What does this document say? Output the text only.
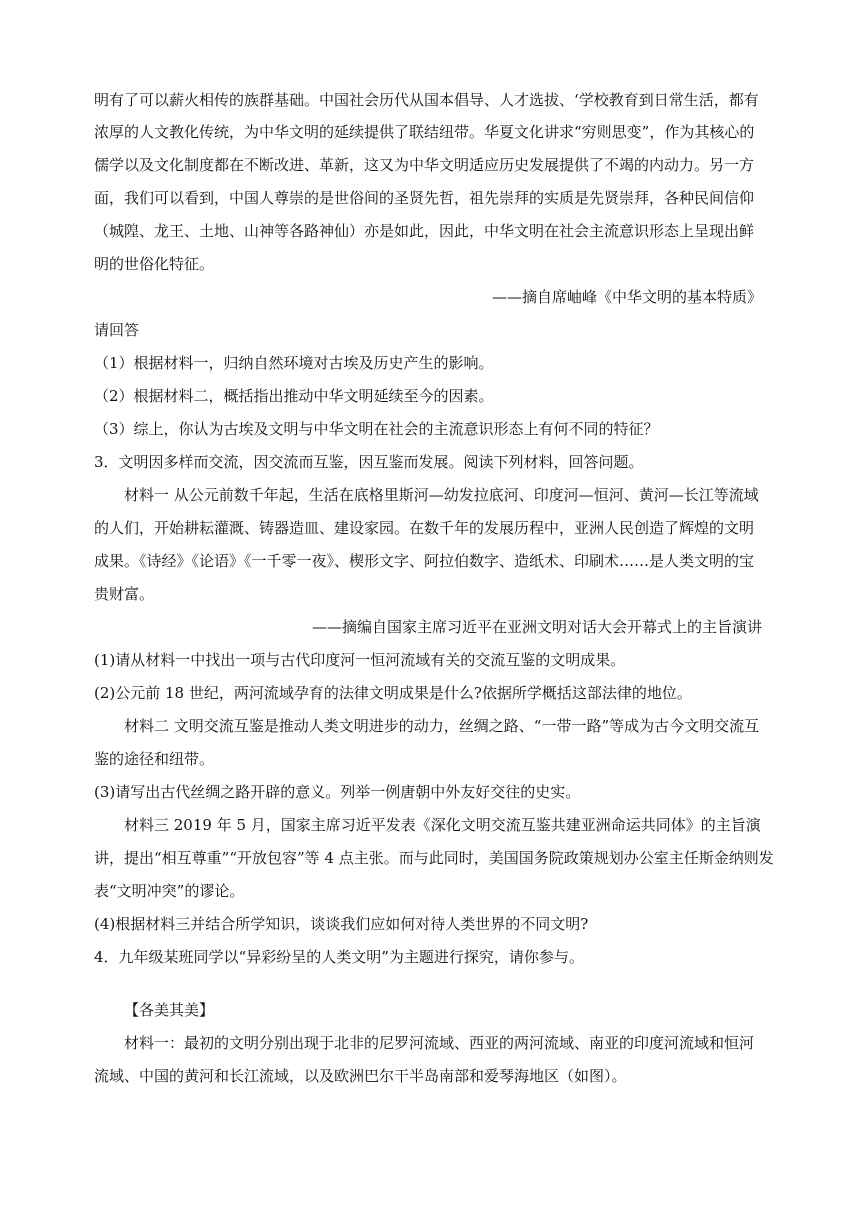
明有了可以薪火相传的族群基础。中国社会历代从国本倡导、人才选拔、‘学校教育到日常生活，都有
浓厚的人文教化传统，为中华文明的延续提供了联结纽带。华夏文化讲求“穷则思变”，作为其核心的
儒学以及文化制度都在不断改进、革新，这又为中华文明适应历史发展提供了不竭的内动力。另一方
面，我们可以看到，中国人尊崇的是世俗间的圣贤先哲，祖先崇拜的实质是先贤崇拜，各种民间信仰
（城隍、龙王、土地、山神等各路神仙）亦是如此，因此，中华文明在社会主流意识形态上呈现出鲜
明的世俗化特征。
——摘自席岫峰《中华文明的基本特质》
请回答
（1）根据材料一，归纳自然环境对古埃及历史产生的影响。
（2）根据材料二，概括指出推动中华文明延续至今的因素。
（3）综上，你认为古埃及文明与中华文明在社会的主流意识形态上有何不同的特征？
3．文明因多样而交流，因交流而互鉴，因互鉴而发展。阅读下列材料，回答问题。
材料一 从公元前数千年起，生活在底格里斯河—幼发拉底河、印度河—恒河、黄河—长江等流域
的人们，开始耕耘灌溉、铸器造皿、建设家园。在数千年的发展历程中，亚洲人民创造了辉煌的文明
成果。《诗经》《论语》《一千零一夜》、楔形文字、阿拉伯数字、造纸术、印刷术……是人类文明的宝
贵财富。
——摘编自国家主席习近平在亚洲文明对话大会开幕式上的主旨演讲
(1)请从材料一中找出一项与古代印度河一恒河流域有关的交流互鉴的文明成果。
(2)公元前 18 世纪，两河流域孕育的法律文明成果是什么?依据所学概括这部法律的地位。
材料二 文明交流互鉴是推动人类文明进步的动力，丝绸之路、“一带一路”等成为古今文明交流互
鉴的途径和纽带。
(3)请写出古代丝绸之路开辟的意义。列举一例唐朝中外友好交往的史实。
材料三 2019 年 5 月，国家主席习近平发表《深化文明交流互鉴共建亚洲命运共同体》的主旨演
讲，提出“相互尊重”“开放包容”等 4 点主张。而与此同时，美国国务院政策规划办公室主任斯金纳则发
表“文明冲突”的谬论。
(4)根据材料三并结合所学知识，谈谈我们应如何对待人类世界的不同文明?
4．九年级某班同学以“异彩纷呈的人类文明”为主题进行探究，请你参与。
【各美其美】
材料一：最初的文明分别出现于北非的尼罗河流域、西亚的两河流域、南亚的印度河流域和恒河
流域、中国的黄河和长江流域，以及欧洲巴尔干半岛南部和爱琴海地区（如图）。
